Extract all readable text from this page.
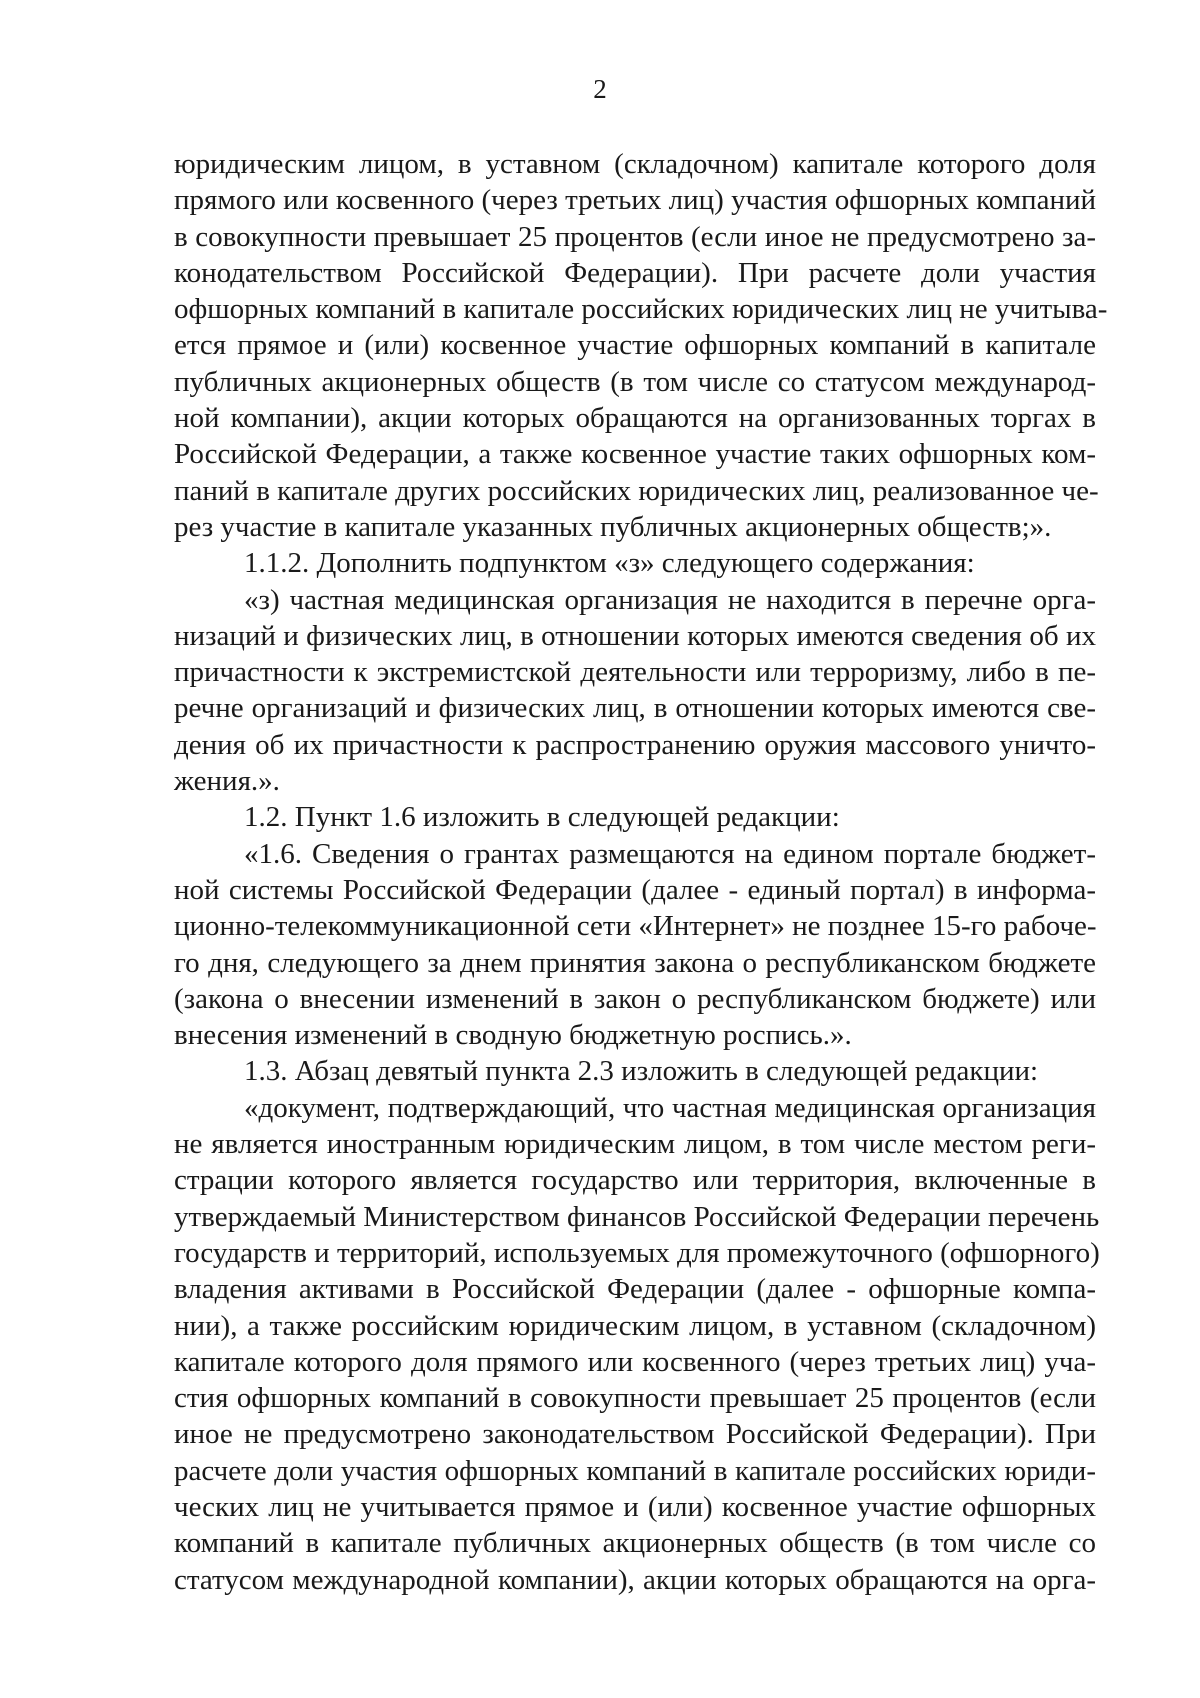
2
юридическим лицом, в уставном (складочном) капитале которого доля
прямого или косвенного (через третьих лиц) участия офшорных компаний
в совокупности превышает 25 процентов (если иное не предусмотрено за-
конодательством Российской Федерации). При расчете доли участия
офшорных компаний в капитале российских юридических лиц не учитыва-
ется прямое и (или) косвенное участие офшорных компаний в капитале
публичных акционерных обществ (в том числе со статусом международ-
ной компании), акции которых обращаются на организованных торгах в
Российской Федерации, а также косвенное участие таких офшорных ком-
паний в капитале других российских юридических лиц, реализованное че-
рез участие в капитале указанных публичных акционерных обществ;».
1.1.2. Дополнить подпунктом «з» следующего содержания:
«з) частная медицинская организация не находится в перечне орга-
низаций и физических лиц, в отношении которых имеются сведения об их
причастности к экстремистской деятельности или терроризму, либо в пе-
речне организаций и физических лиц, в отношении которых имеются све-
дения об их причастности к распространению оружия массового уничто-
жения.».
1.2. Пункт 1.6 изложить в следующей редакции:
«1.6. Сведения о грантах размещаются на едином портале бюджет-
ной системы Российской Федерации (далее - единый портал) в информа-
ционно-телекоммуникационной сети «Интернет» не позднее 15-го рабоче-
го дня, следующего за днем принятия закона о республиканском бюджете
(закона о внесении изменений в закон о республиканском бюджете) или
внесения изменений в сводную бюджетную роспись.».
1.3. Абзац девятый пункта 2.3 изложить в следующей редакции:
«документ, подтверждающий, что частная медицинская организация
не является иностранным юридическим лицом, в том числе местом реги-
страции которого является государство или территория, включенные в
утверждаемый Министерством финансов Российской Федерации перечень
государств и территорий, используемых для промежуточного (офшорного)
владения активами в Российской Федерации (далее - офшорные компа-
нии), а также российским юридическим лицом, в уставном (складочном)
капитале которого доля прямого или косвенного (через третьих лиц) уча-
стия офшорных компаний в совокупности превышает 25 процентов (если
иное не предусмотрено законодательством Российской Федерации). При
расчете доли участия офшорных компаний в капитале российских юриди-
ческих лиц не учитывается прямое и (или) косвенное участие офшорных
компаний в капитале публичных акционерных обществ (в том числе со
статусом международной компании), акции которых обращаются на орга-
